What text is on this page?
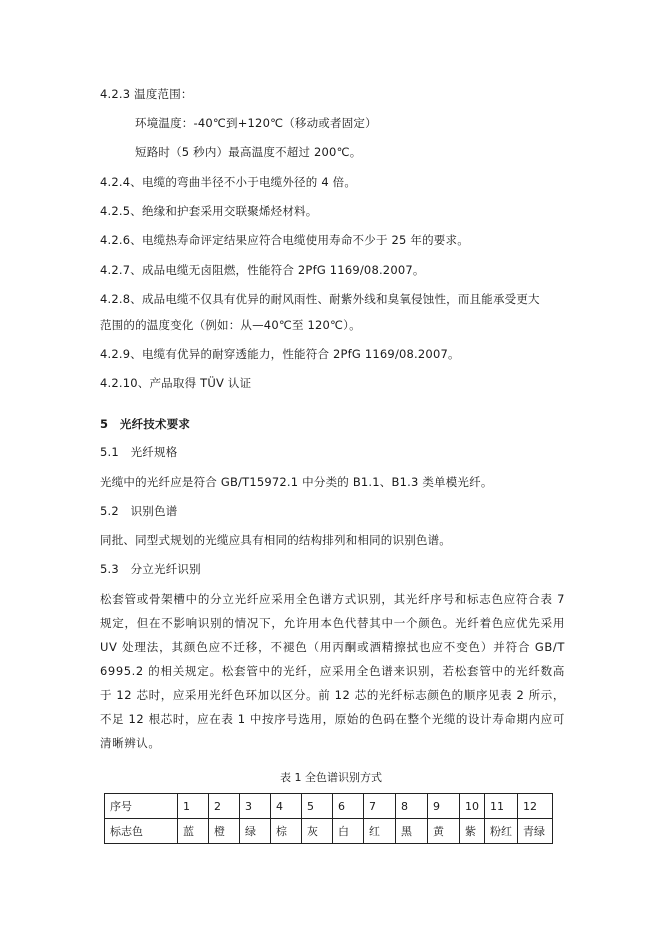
4.2.3 温度范围：
环境温度：-40℃到+120℃（移动或者固定）
短路时（5 秒内）最高温度不超过 200℃。
4.2.4、电缆的弯曲半径不小于电缆外径的 4 倍。
4.2.5、绝缘和护套采用交联聚烯烃材料。
4.2.6、电缆热寿命评定结果应符合电缆使用寿命不少于 25 年的要求。
4.2.7、成品电缆无卤阻燃，性能符合 2PfG 1169/08.2007。
4.2.8、成品电缆不仅具有优异的耐风雨性、耐紫外线和臭氧侵蚀性，而且能承受更大
范围的的温度变化（例如：从—40℃至 120℃）。
4.2.9、电缆有优异的耐穿透能力，性能符合 2PfG 1169/08.2007。
4.2.10、产品取得 TÜV 认证
5　光纤技术要求
5.1　光纤规格
光缆中的光纤应是符合 GB/T15972.1 中分类的 B1.1、B1.3 类单模光纤。
5.2　识别色谱
同批、同型式规划的光缆应具有相同的结构排列和相同的识别色谱。
5.3　分立光纤识别
松套管或骨架槽中的分立光纤应采用全色谱方式识别，其光纤序号和标志色应符合表 7 规定，但在不影响识别的情况下，允许用本色代替其中一个颜色。光纤着色应优先采用 UV 处理法，其颜色应不迁移，不褪色（用丙酮或酒精擦拭也应不变色）并符合 GB/T 6995.2 的相关规定。松套管中的光纤，应采用全色谱来识别，若松套管中的光纤数高于 12 芯时，应采用光纤色环加以区分。前 12 芯的光纤标志颜色的顺序见表 2 所示，不足 12 根芯时，应在表 1 中按序号选用，原始的色码在整个光缆的设计寿命期内应可清晰辨认。
表 1 全色谱识别方式
序号	1	2	3	4	5	6	7	8	9	10	11	12
标志色	蓝	橙	绿	棕	灰	白	红	黑	黄	紫	粉红	青绿
